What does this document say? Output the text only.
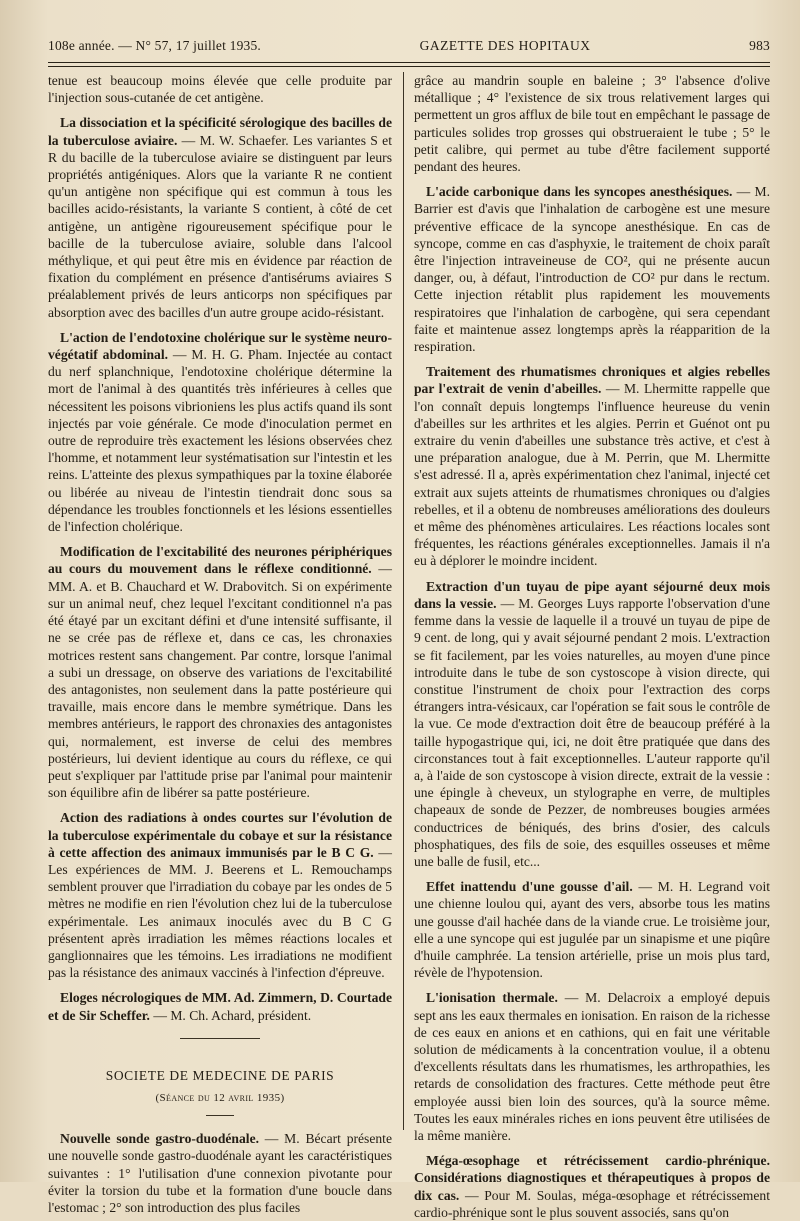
108e année. — N° 57, 17 juillet 1935.	GAZETTE DES HOPITAUX	983

tenue est beaucoup moins élevée que celle produite par l'injection sous-cutanée de cet antigène.

La dissociation et la spécificité sérologique des bacilles de la tuberculose aviaire. — M. W. Schaefer. Les variantes S et R du bacille de la tuberculose aviaire se distinguent par leurs propriétés antigéniques. Alors que la variante R ne contient qu'un antigène non spécifique qui est commun à tous les bacilles acido-résistants, la variante S contient, à côté de cet antigène, un antigène rigoureusement spécifique pour le bacille de la tuberculose aviaire, soluble dans l'alcool méthylique, et qui peut être mis en évidence par réaction de fixation du complément en présence d'antisérums aviaires S préalablement privés de leurs anticorps non spécifiques par absorption avec des bacilles d'un autre groupe acido-résistant.

L'action de l'endotoxine cholérique sur le système neuro-végétatif abdominal. — M. H. G. Pham. Injectée au contact du nerf splanchnique, l'endotoxine cholérique détermine la mort de l'animal à des quantités très inférieures à celles que nécessitent les poisons vibrioniens les plus actifs quand ils sont injectés par voie générale. Ce mode d'inoculation permet en outre de reproduire très exactement les lésions observées chez l'homme, et notamment leur systématisation sur l'intestin et les reins. L'atteinte des plexus sympathiques par la toxine élaborée ou libérée au niveau de l'intestin tiendrait donc sous sa dépendance les troubles fonctionnels et les lésions essentielles de l'infection cholérique.

Modification de l'excitabilité des neurones périphériques au cours du mouvement dans le réflexe conditionné. — MM. A. et B. Chauchard et W. Drabovitch. Si on expérimente sur un animal neuf, chez lequel l'excitant conditionnel n'a pas été étayé par un excitant défini et d'une intensité suffisante, il ne se crée pas de réflexe et, dans ce cas, les chronaxies motrices restent sans changement. Par contre, lorsque l'animal a subi un dressage, on observe des variations de l'excitabilité des antagonistes, non seulement dans la patte postérieure qui travaille, mais encore dans le membre symétrique. Dans les membres antérieurs, le rapport des chronaxies des antagonistes qui, normalement, est inverse de celui des membres postérieurs, lui devient identique au cours du réflexe, ce qui peut s'expliquer par l'attitude prise par l'animal pour maintenir son équilibre afin de libérer sa patte postérieure.

Action des radiations à ondes courtes sur l'évolution de la tuberculose expérimentale du cobaye et sur la résistance à cette affection des animaux immunisés par le B C G. — Les expériences de MM. J. Beerens et L. Remouchamps semblent prouver que l'irradiation du cobaye par les ondes de 5 mètres ne modifie en rien l'évolution chez lui de la tuberculose expérimentale. Les animaux inoculés avec du B C G présentent après irradiation les mêmes réactions locales et ganglionnaires que les témoins. Les irradiations ne modifient pas la résistance des animaux vaccinés à l'infection d'épreuve.

Eloges nécrologiques de MM. Ad. Zimmern, D. Courtade et de Sir Scheffer. — M. Ch. Achard, président.

SOCIETE DE MEDECINE DE PARIS
(Séance du 12 avril 1935)

Nouvelle sonde gastro-duodénale. — M. Bécart présente une nouvelle sonde gastro-duodénale ayant les caractéristiques suivantes : 1° l'utilisation d'une connexion pivotante pour éviter la torsion du tube et la formation d'une boucle dans l'estomac ; 2° son introduction des plus faciles

grâce au mandrin souple en baleine ; 3° l'absence d'olive métallique ; 4° l'existence de six trous relativement larges qui permettent un gros afflux de bile tout en empêchant le passage de particules solides trop grosses qui obstrueraient le tube ; 5° le petit calibre, qui permet au tube d'être facilement supporté pendant des heures.

L'acide carbonique dans les syncopes anesthésiques. — M. Barrier est d'avis que l'inhalation de carbogène est une mesure préventive efficace de la syncope anesthésique. En cas de syncope, comme en cas d'asphyxie, le traitement de choix paraît être l'injection intraveineuse de CO², qui ne présente aucun danger, ou, à défaut, l'introduction de CO² pur dans le rectum. Cette injection rétablit plus rapidement les mouvements respiratoires que l'inhalation de carbogène, qui sera cependant faite et maintenue assez longtemps après la réapparition de la respiration.

Traitement des rhumatismes chroniques et algies rebelles par l'extrait de venin d'abeilles. — M. Lhermitte rappelle que l'on connaît depuis longtemps l'influence heureuse du venin d'abeilles sur les arthrites et les algies. Perrin et Guénot ont pu extraire du venin d'abeilles une substance très active, et c'est à une préparation analogue, due à M. Perrin, que M. Lhermitte s'est adressé. Il a, après expérimentation chez l'animal, injecté cet extrait aux sujets atteints de rhumatismes chroniques ou d'algies rebelles, et il a obtenu de nombreuses améliorations des douleurs et même des phénomènes articulaires. Les réactions locales sont fréquentes, les réactions générales exceptionnelles. Jamais il n'a eu à déplorer le moindre incident.

Extraction d'un tuyau de pipe ayant séjourné deux mois dans la vessie. — M. Georges Luys rapporte l'observation d'une femme dans la vessie de laquelle il a trouvé un tuyau de pipe de 9 cent. de long, qui y avait séjourné pendant 2 mois. L'extraction se fit facilement, par les voies naturelles, au moyen d'une pince introduite dans le tube de son cystoscope à vision directe, qui constitue l'instrument de choix pour l'extraction des corps étrangers intra-vésicaux, car l'opération se fait sous le contrôle de la vue. Ce mode d'extraction doit être de beaucoup préféré à la taille hypogastrique qui, ici, ne doit être pratiquée que dans des circonstances tout à fait exceptionnelles. L'auteur rapporte qu'il a, à l'aide de son cystoscope à vision directe, extrait de la vessie : une épingle à cheveux, un stylographe en verre, de multiples chapeaux de sonde de Pezzer, de nombreuses bougies armées conductrices de béniqués, des brins d'osier, des calculs phosphatiques, des fils de soie, des esquilles osseuses et même une balle de fusil, etc...

Effet inattendu d'une gousse d'ail. — M. H. Legrand voit une chienne loulou qui, ayant des vers, absorbe tous les matins une gousse d'ail hachée dans de la viande crue. Le troisième jour, elle a une syncope qui est jugulée par un sinapisme et une piqûre d'huile camphrée. La tension artérielle, prise un mois plus tard, révèle de l'hypotension.

L'ionisation thermale. — M. Delacroix a employé depuis sept ans les eaux thermales en ionisation. En raison de la richesse de ces eaux en anions et en cathions, qui en fait une véritable solution de médicaments à la concentration voulue, il a obtenu d'excellents résultats dans les rhumatismes, les arthropathies, les retards de consolidation des fractures. Cette méthode peut être employée aussi bien loin des sources, qu'à la source même. Toutes les eaux minérales riches en ions peuvent être utilisées de la même manière.

Méga-œsophage et rétrécissement cardio-phrénique. Considérations diagnostiques et thérapeutiques à propos de dix cas. — Pour M. Soulas, méga-œsophage et rétrécissement cardio-phrénique sont le plus souvent associés, sans qu'on
